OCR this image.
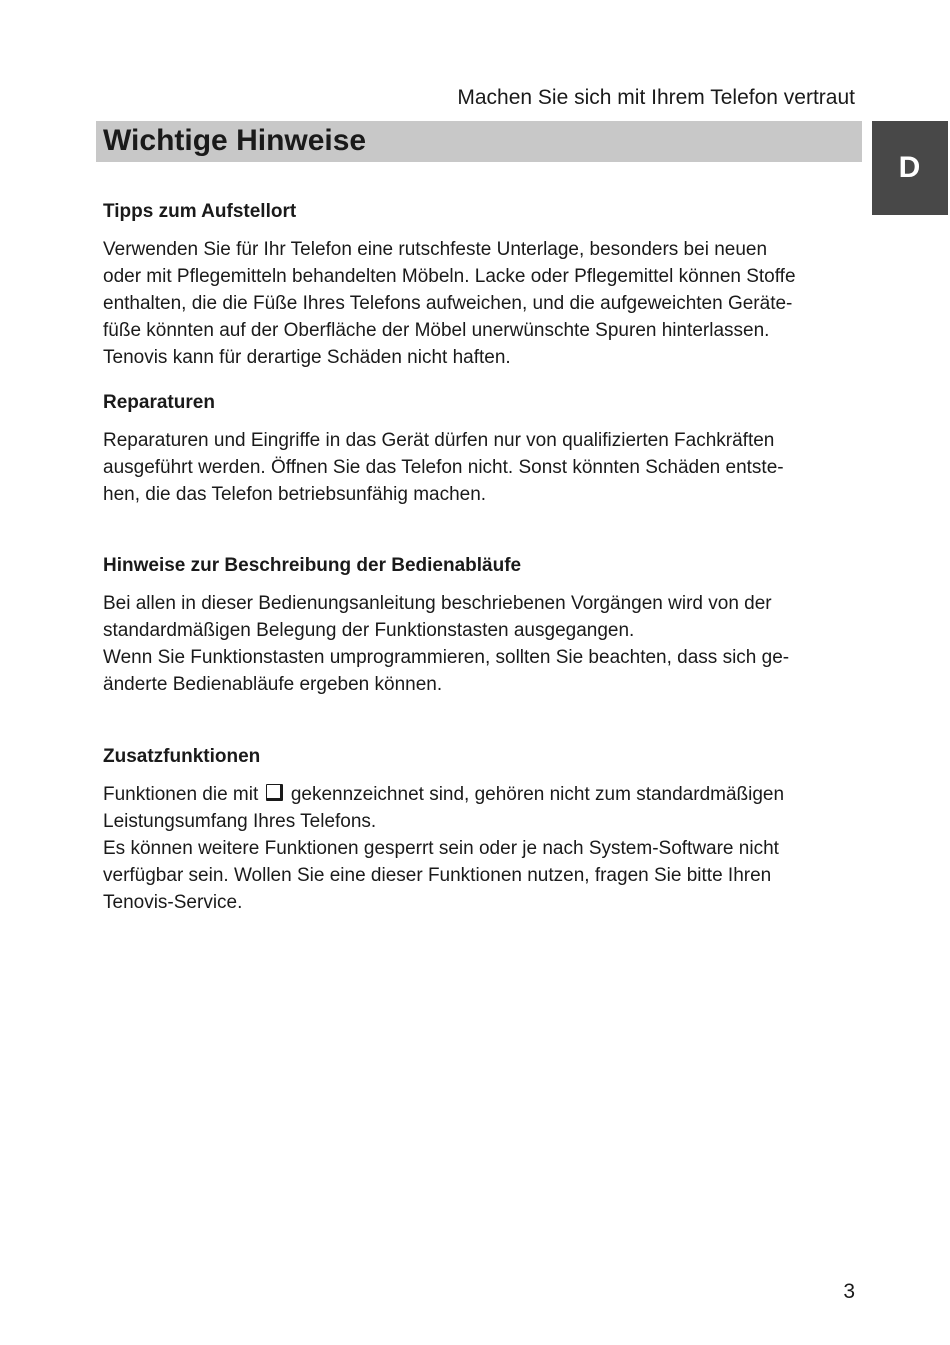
Machen Sie sich mit Ihrem Telefon vertraut
Wichtige Hinweise
D
Tipps zum Aufstellort

Verwenden Sie für Ihr Telefon eine rutschfeste Unterlage, besonders bei neuen
oder mit Pflegemitteln behandelten Möbeln. Lacke oder Pflegemittel können Stoffe
enthalten, die die Füße Ihres Telefons aufweichen, und die aufgeweichten Geräte-
füße könnten auf der Oberfläche der Möbel unerwünschte Spuren hinterlassen.
Tenovis kann für derartige Schäden nicht haften.

Reparaturen

Reparaturen und Eingriffe in das Gerät dürfen nur von qualifizierten Fachkräften
ausgeführt werden. Öffnen Sie das Telefon nicht. Sonst könnten Schäden entste-
hen, die das Telefon betriebsunfähig machen.

Hinweise zur Beschreibung der Bedienabläufe

Bei allen in dieser Bedienungsanleitung beschriebenen Vorgängen wird von der
standardmäßigen Belegung der Funktionstasten ausgegangen.
Wenn Sie Funktionstasten umprogrammieren, sollten Sie beachten, dass sich ge-
änderte Bedienabläufe ergeben können.

Zusatzfunktionen

Funktionen die mit gekennzeichnet sind, gehören nicht zum standardmäßigen
Leistungsumfang Ihres Telefons.
Es können weitere Funktionen gesperrt sein oder je nach System-Software nicht
verfügbar sein. Wollen Sie eine dieser Funktionen nutzen, fragen Sie bitte Ihren
Tenovis-Service.

3
